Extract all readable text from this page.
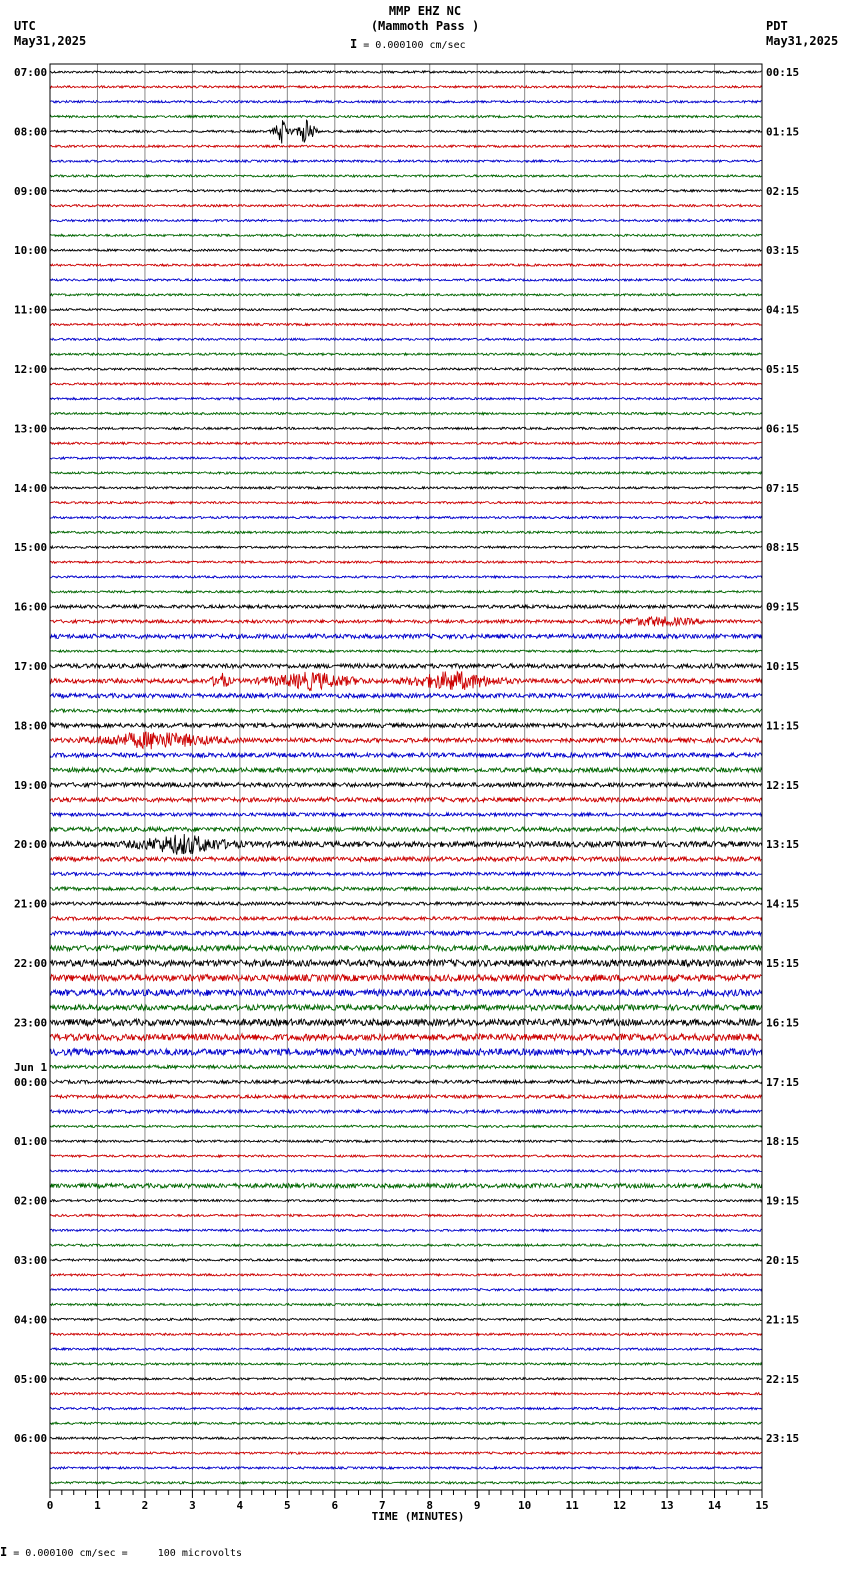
UTC
May31,2025
MMP EHZ NC
(Mammoth Pass )
I = 0.000100 cm/sec
PDT
May31,2025
07:00
08:00
09:00
10:00
11:00
12:00
13:00
14:00
15:00
16:00
17:00
18:00
19:00
20:00
21:00
22:00
23:00
00:00
01:00
02:00
03:00
04:00
05:00
06:00
00:15
01:15
02:15
03:15
04:15
05:15
06:15
07:15
08:15
09:15
10:15
11:15
12:15
13:15
14:15
15:15
16:15
17:15
18:15
19:15
20:15
21:15
22:15
23:15
0	1	2	3	4	5	6	7	8	9	10	11	12	13	14	15
TIME (MINUTES)
Jun 1
I = 0.000100 cm/sec =     100 microvolts
